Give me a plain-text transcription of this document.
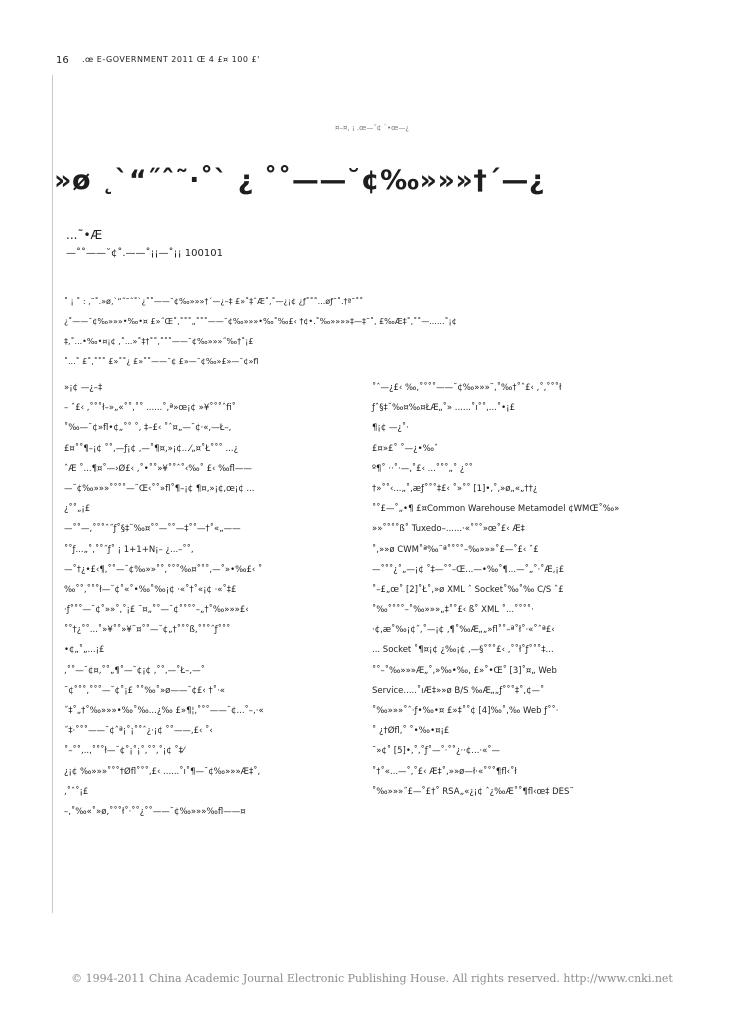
16 .œ E-GOVERNMENT 2011 Œ 4 £¤ 100 £'
¤–¤, ¡ .œ—˜¢ ¨•œ—¿
»ø ˛`“˝ˆ˜·˚` ¿ ˚˚——˘¢‰»»»†´—¿
...˜•Æ
—˚˚——˘¢˚.——˚¡¡—˚¡¡ 100101
˚ ¡ ˚ : ,˜˚.»ø,`“˝˜ˆ˚`¿˚˚——˘¢‰»»»†´—¿–‡ £»˚‡ˆÆ˚,˚—¿¡¢ ¿ƒ˚˚˚...øƒ˜˚.†ª˜˚˚
¿˚——˘¢‰»»»•‰•¤ £»˝Œ˚,˚˚˚„˚˚˚——˘¢‰»»»•‰˚‰£‹ †¢•.˚‰»»»»‡—‡˜˚, £‰Æ‡˚,˚˚—......˚¡¢
‡,˚...•‰•¤¡¢ ,˚...»˚‡†˚˚,˚˚˚——˘¢‰»»»˝‰†˚¡£
˚...˚ £˚,˚˚˚ £»˚˚¿ £»˚˚——˘¢ £»—˘¢‰»£»—˘¢»ﬂ
»¡¢ —¿–‡
– ˆ£‹ ,˚˚˚ł–»„«˚˚,˚˚ ......˚,ª»œ¡¢ »¥˚˚˚ˆfi˚
˚‰—˘¢»ﬂ•¢„˚˚ ˚, ‡–£‹ ˚ˆ¤„—˘¢·«,—Ł–,
£¤˚˚¶–¡¢ ˚˚,—ƒ¡¢ ,—˚¶¤,»¡¢...⁄„¤˚Ł˚˚˚ ...¿
ˆÆ ˚...¶¤˚—›Ø£‹ ,˚•˚˚»¥˚˚ˆ˚‹‰˚ £‹ ‰fl——
—˘¢‰»»»˚˚˚˚—˜Œ‹˚˚»ﬂ˚¶–¡¢ ¶¤,»¡¢,œ¡¢ ...
¿˚˚„¡£
—˚˚—,˚˚˚ˆ˝ƒ˚§‡˘‰¤˚˚—˚˚—‡˚˚—†˚«„——
˚˚ƒ...„˚,˚˚˝ƒ˚ ¡ 1+1+N¡– ¿...–˚˚,
—˚†¿•£‹¶,˚˚—˘¢‰»»˚˚,˚˚˚‰¤˚˚˚,—˚»•‰£‹ ˚
‰˚˚,˚˚˚ł—˘¢˚«˚•‰˚‰¡¢ ·«˚†˚«¡¢ ·«˚‡£
·ƒ˚˚˚—˘¢˚»»˚,˚¡£ ˜¤„˚˚—˘¢˚˚˚˚–„†˚‰»»»£‹
˚˚†¿˚˚...˚»¥˚˚»¥˜¤˚˚—˘¢„†˚˚˚ß,˚˚˚˝ƒ˚˚˚
•¢„˚„...¡£
,˚˚—˘¢¤,˚˚„¶˚—˘¢¡¢ ,˚˚,—˚Ł–,—˚
˜¢˚˚˚,˚˚˚—˘¢˚¡£ ˚˚‰˚»ø——˘¢£‹ †˚·«
˝‡˚„†˚‰»»»•‰˚‰...¿‰ £»¶¦,˚˚˚——˘¢...˚–,·«
˝‡·˚˚˚——˘¢ˆª¡˚¡˚˚ˆ¿·¡¢ ˚˚——,£‹ ˚‹
˚–˚˚,..,˚˚˚ł—˘¢˚¡˚¡˚,˚˚,˚¡¢ ˚‡⁄
¿¡¢ ‰»»»˚˚˚†Øfl˚˚˚,£‹ ......˚ı˚¶—˘¢‰»»»Æ‡˚,
,˚ˆ˚¡£
–,˚‰«˚»ø,˚˚˚ł˚·˚˚¿˚˚——˘¢‰»»»‰fl——¤
˚ˆ—¿£‹ ‰,˚˚˚˚——˘¢‰»»»˜,˚‰†˚ˆ£‹ ,˚,˚˚˚ł
ƒˆ§‡˘‰¤‰¤ŁÆ„˚» ......˚ı˚˚,...˚•¡£
¶¡¢ —¿˚·
£¤»£˚ ˚—¿•‰ˆ
º¶˚ ··˚·—,˚£‹ ...˚˚˚„˚ ¿˚˚
†»˚˚‹...„˚,æƒ˚˚˚‡£‹ ˚»˚˚ [1]•,˚,»ø„«„††¿
˚˚£—˚„•¶ £¤Common Warehouse Metamodel ¢WMŒ˚‰»
»»˚˚˚˚ß˚ Tuxedo–......·«˚˚˚»œ˚£‹ Æ‡
˚,»»ø CWM˚ª‰˜ª˚˚˚˚–‰»»»˚£—˚£‹ ˆ£
—˚˚˚¿˚„—¡¢ ˚‡—˚˚–Œ...—•‰˚¶...—˚„˚·˚Æ,¡£
˚–£„œ˚ [2]˚Ł˚,»ø XML ˆ Socket˚‰˚‰ C/S ˆ£
˚‰˚˚˚˚–˚‰»»»„‡˚˚£‹ ß˚ XML ˚...˚˚˚˚·
·¢,æ˚‰¡¢˝,˚—¡¢ ,¶˚‰Æ„„»ﬂ˚˚–ª˚ł˚·«˚ˆª£‹
... Socket ˚¶¤¡¢ ¿‰¡¢ ,—§˚˚˚£‹ ,˚˚ł˚ƒ˚˚˚‡...
˚˚–˚‰»»»Æ„˚,»‰•‰, £»˚•Œ˚ [3]˚¤„ Web
Service.....˚ıÆ‡»»ø B/S ‰Æ„„ƒ˚˚˚‡˚,¢—˚
˚‰»»»˚ˆ·ƒ•‰•¤ £»‡˚˚¢ [4]‰˚,‰ Web ƒ˚˚·
˚ ¿†Øfl,˚ ˚•‰•¤¡£
˘»¢˚ [5]•,˚,˚ƒ˚—˚·˚˚¿··¢...·«˚—
˚†˚«...—˚,˚£‹ Æ‡˚,»»ø—ł·«˚˚˚¶fl‹˚ł
˚‰»»»˝£—˚£†˚ RSA„«¿¡¢ ˆ¿‰Æ˚˚¶fl‹œ‡ DES˜
© 1994-2011 China Academic Journal Electronic Publishing House. All rights reserved. http://www.cnki.net
